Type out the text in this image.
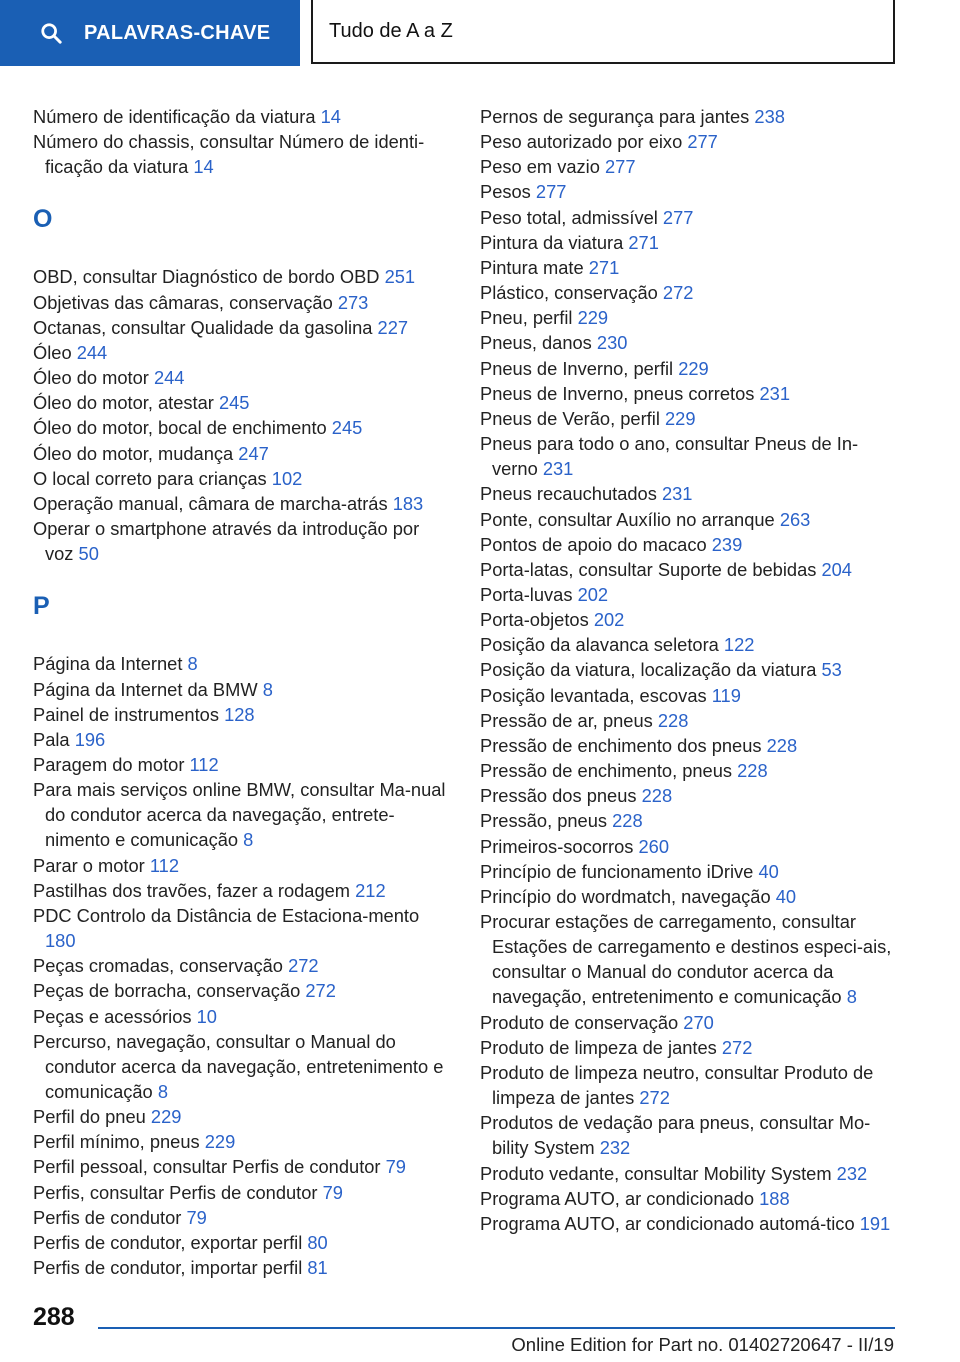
PALAVRAS-CHAVE	Tudo de A a Z
Número de identificação da viatura 14
Número do chassis, consultar Número de identi-ficação da viatura 14
O
OBD, consultar Diagnóstico de bordo OBD 251
Objetivas das câmaras, conservação 273
Octanas, consultar Qualidade da gasolina 227
Óleo 244
Óleo do motor 244
Óleo do motor, atestar 245
Óleo do motor, bocal de enchimento 245
Óleo do motor, mudança 247
O local correto para crianças 102
Operação manual, câmara de marcha-atrás 183
Operar o smartphone através da introdução por voz 50
P
Página da Internet 8
Página da Internet da BMW 8
Painel de instrumentos 128
Pala 196
Paragem do motor 112
Para mais serviços online BMW, consultar Ma-nual do condutor acerca da navegação, entrete-nimento e comunicação 8
Parar o motor 112
Pastilhas dos travões, fazer a rodagem 212
PDC Controlo da Distância de Estaciona-mento 180
Peças cromadas, conservação 272
Peças de borracha, conservação 272
Peças e acessórios 10
Percurso, navegação, consultar o Manual do condutor acerca da navegação, entretenimento e comunicação 8
Perfil do pneu 229
Perfil mínimo, pneus 229
Perfil pessoal, consultar Perfis de condutor 79
Perfis, consultar Perfis de condutor 79
Perfis de condutor 79
Perfis de condutor, exportar perfil 80
Perfis de condutor, importar perfil 81
Pernos de segurança para jantes 238
Peso autorizado por eixo 277
Peso em vazio 277
Pesos 277
Peso total, admissível 277
Pintura da viatura 271
Pintura mate 271
Plástico, conservação 272
Pneu, perfil 229
Pneus, danos 230
Pneus de Inverno, perfil 229
Pneus de Inverno, pneus corretos 231
Pneus de Verão, perfil 229
Pneus para todo o ano, consultar Pneus de In-verno 231
Pneus recauchutados 231
Ponte, consultar Auxílio no arranque 263
Pontos de apoio do macaco 239
Porta-latas, consultar Suporte de bebidas 204
Porta-luvas 202
Porta-objetos 202
Posição da alavanca seletora 122
Posição da viatura, localização da viatura 53
Posição levantada, escovas 119
Pressão de ar, pneus 228
Pressão de enchimento dos pneus 228
Pressão de enchimento, pneus 228
Pressão dos pneus 228
Pressão, pneus 228
Primeiros-socorros 260
Princípio de funcionamento iDrive 40
Princípio do wordmatch, navegação 40
Procurar estações de carregamento, consultar Estações de carregamento e destinos especi-ais, consultar o Manual do condutor acerca da navegação, entretenimento e comunicação 8
Produto de conservação 270
Produto de limpeza de jantes 272
Produto de limpeza neutro, consultar Produto de limpeza de jantes 272
Produtos de vedação para pneus, consultar Mo-bility System 232
Produto vedante, consultar Mobility System 232
Programa AUTO, ar condicionado 188
Programa AUTO, ar condicionado automá-tico 191
288
Online Edition for Part no. 01402720647 - II/19
